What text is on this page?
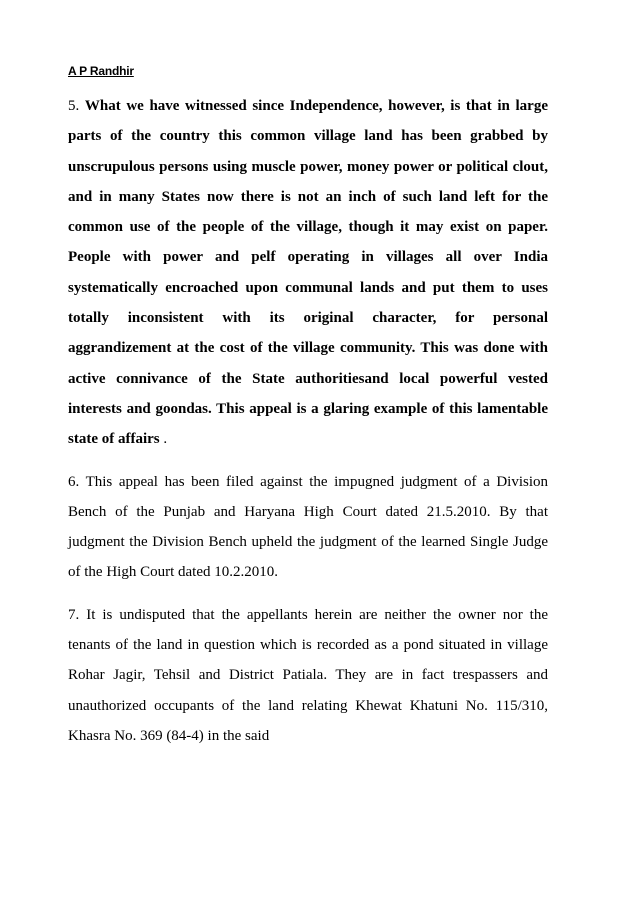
A P Randhir

5. What we have witnessed since Independence, however, is that in large parts of the country this common village land has been grabbed by unscrupulous persons using muscle power, money power or political clout, and in many States now there is not an inch of such land left for the common use of the people of the village, though it may exist on paper. People with power and pelf operating in villages all over India systematically encroached upon communal lands and put them to uses totally inconsistent with its original character, for personal aggrandizement at the cost of the village community. This was done with active connivance of the State authoritiesand local powerful vested interests and goondas. This appeal is a glaring example of this lamentable state of affairs .

6. This appeal has been filed against the impugned judgment of a Division Bench of the Punjab and Haryana High Court dated 21.5.2010. By that judgment the Division Bench upheld the judgment of the learned Single Judge of the High Court dated 10.2.2010.

7. It is undisputed that the appellants herein are neither the owner nor the tenants of the land in question which is recorded as a pond situated in village Rohar Jagir, Tehsil and District Patiala. They are in fact trespassers and unauthorized occupants of the land relating Khewat Khatuni No. 115/310, Khasra No. 369 (84-4) in the said
